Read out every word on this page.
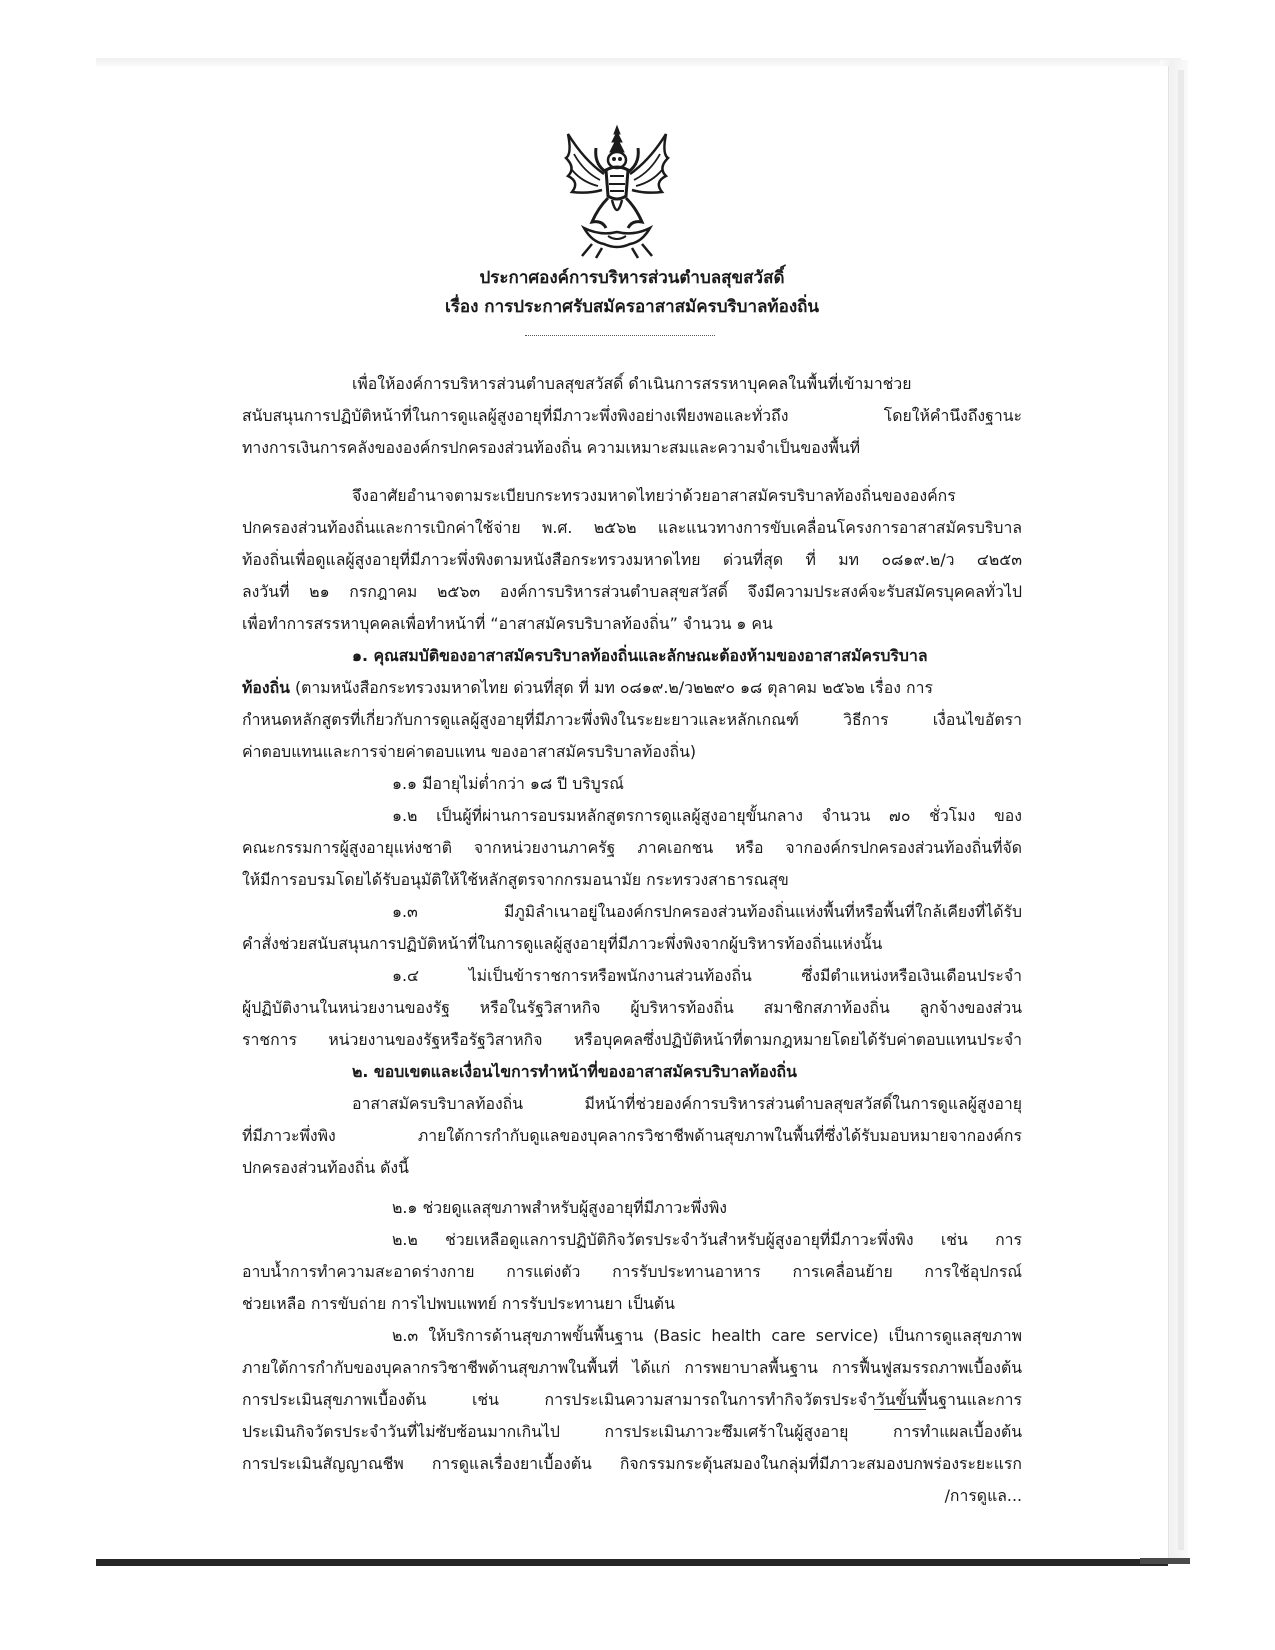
ประกาศองค์การบริหารส่วนตำบลสุขสวัสดิ์
เรื่อง การประกาศรับสมัครอาสาสมัครบริบาลท้องถิ่น
เพื่อให้องค์การบริหารส่วนตำบลสุขสวัสดิ์ ดำเนินการสรรหาบุคคลในพื้นที่เข้ามาช่วย
สนับสนุนการปฏิบัติหน้าที่ในการดูแลผู้สูงอายุที่มีภาวะพึ่งพิงอย่างเพียงพอและทั่วถึง โดยให้คำนึงถึงฐานะ
ทางการเงินการคลังขององค์กรปกครองส่วนท้องถิ่น ความเหมาะสมและความจำเป็นของพื้นที่
จึงอาศัยอำนาจตามระเบียบกระทรวงมหาดไทยว่าด้วยอาสาสมัครบริบาลท้องถิ่นขององค์กร
ปกครองส่วนท้องถิ่นและการเบิกค่าใช้จ่าย พ.ศ. ๒๕๖๒ และแนวทางการขับเคลื่อนโครงการอาสาสมัครบริบาล
ท้องถิ่นเพื่อดูแลผู้สูงอายุที่มีภาวะพึ่งพิงตามหนังสือกระทรวงมหาดไทย ด่วนที่สุด ที่ มท ๐๘๑๙.๒/ว ๔๒๕๓
ลงวันที่ ๒๑ กรกฎาคม ๒๕๖๓ องค์การบริหารส่วนตำบลสุขสวัสดิ์ จึงมีความประสงค์จะรับสมัครบุคคลทั่วไป
เพื่อทำการสรรหาบุคคลเพื่อทำหน้าที่ “อาสาสมัครบริบาลท้องถิ่น” จำนวน ๑ คน
๑. คุณสมบัติของอาสาสมัครบริบาลท้องถิ่นและลักษณะต้องห้ามของอาสาสมัครบริบาล
ท้องถิ่น (ตามหนังสือกระทรวงมหาดไทย ด่วนที่สุด ที่ มท ๐๘๑๙.๒/ว๒๒๙๐ ๑๘ ตุลาคม ๒๕๖๒ เรื่อง การ
กำหนดหลักสูตรที่เกี่ยวกับการดูแลผู้สูงอายุที่มีภาวะพึ่งพิงในระยะยาวและหลักเกณฑ์ วิธีการ เงื่อนไขอัตรา
ค่าตอบแทนและการจ่ายค่าตอบแทน ของอาสาสมัครบริบาลท้องถิ่น)
๑.๑ มีอายุไม่ต่ำกว่า ๑๘ ปี บริบูรณ์
๑.๒ เป็นผู้ที่ผ่านการอบรมหลักสูตรการดูแลผู้สูงอายุขั้นกลาง จำนวน ๗๐ ชั่วโมง ของ
คณะกรรมการผู้สูงอายุแห่งชาติ จากหน่วยงานภาครัฐ ภาคเอกชน หรือ จากองค์กรปกครองส่วนท้องถิ่นที่จัด
ให้มีการอบรมโดยได้รับอนุมัติให้ใช้หลักสูตรจากกรมอนามัย กระทรวงสาธารณสุข
๑.๓ มีภูมิลำเนาอยู่ในองค์กรปกครองส่วนท้องถิ่นแห่งพื้นที่หรือพื้นที่ใกล้เคียงที่ได้รับ
คำสั่งช่วยสนับสนุนการปฏิบัติหน้าที่ในการดูแลผู้สูงอายุที่มีภาวะพึ่งพิงจากผู้บริหารท้องถิ่นแห่งนั้น
๑.๔ ไม่เป็นข้าราชการหรือพนักงานส่วนท้องถิ่น ซึ่งมีตำแหน่งหรือเงินเดือนประจำ
ผู้ปฏิบัติงานในหน่วยงานของรัฐ หรือในรัฐวิสาหกิจ ผู้บริหารท้องถิ่น สมาชิกสภาท้องถิ่น ลูกจ้างของส่วน
ราชการ หน่วยงานของรัฐหรือรัฐวิสาหกิจ หรือบุคคลซึ่งปฏิบัติหน้าที่ตามกฎหมายโดยได้รับค่าตอบแทนประจำ
๒. ขอบเขตและเงื่อนไขการทำหน้าที่ของอาสาสมัครบริบาลท้องถิ่น
อาสาสมัครบริบาลท้องถิ่น มีหน้าที่ช่วยองค์การบริหารส่วนตำบลสุขสวัสดิ์ในการดูแลผู้สูงอายุ
ที่มีภาวะพึ่งพิง ภายใต้การกำกับดูแลของบุคลากรวิชาชีพด้านสุขภาพในพื้นที่ซึ่งได้รับมอบหมายจากองค์กร
ปกครองส่วนท้องถิ่น ดังนี้
๒.๑ ช่วยดูแลสุขภาพสำหรับผู้สูงอายุที่มีภาวะพึ่งพิง
๒.๒ ช่วยเหลือดูแลการปฏิบัติกิจวัตรประจำวันสำหรับผู้สูงอายุที่มีภาวะพึ่งพิง เช่น การ
อาบน้ำการทำความสะอาดร่างกาย การแต่งตัว การรับประทานอาหาร การเคลื่อนย้าย การใช้อุปกรณ์
ช่วยเหลือ การขับถ่าย การไปพบแพทย์ การรับประทานยา เป็นต้น
๒.๓ ให้บริการด้านสุขภาพขั้นพื้นฐาน (Basic health care service) เป็นการดูแลสุขภาพ
ภายใต้การกำกับของบุคลากรวิชาชีพด้านสุขภาพในพื้นที่ ได้แก่ การพยาบาลพื้นฐาน การฟื้นฟูสมรรถภาพเบื้องต้น
การประเมินสุขภาพเบื้องต้น เช่น การประเมินความสามารถในการทำกิจวัตรประจำวันขั้นพื้นฐานและการ
ประเมินกิจวัตรประจำวันที่ไม่ซับซ้อนมากเกินไป การประเมินภาวะซึมเศร้าในผู้สูงอายุ การทำแผลเบื้องต้น
การประเมินสัญญาณชีพ การดูแลเรื่องยาเบื้องต้น กิจกรรมกระตุ้นสมองในกลุ่มที่มีภาวะสมองบกพร่องระยะแรก
/การดูแล...
